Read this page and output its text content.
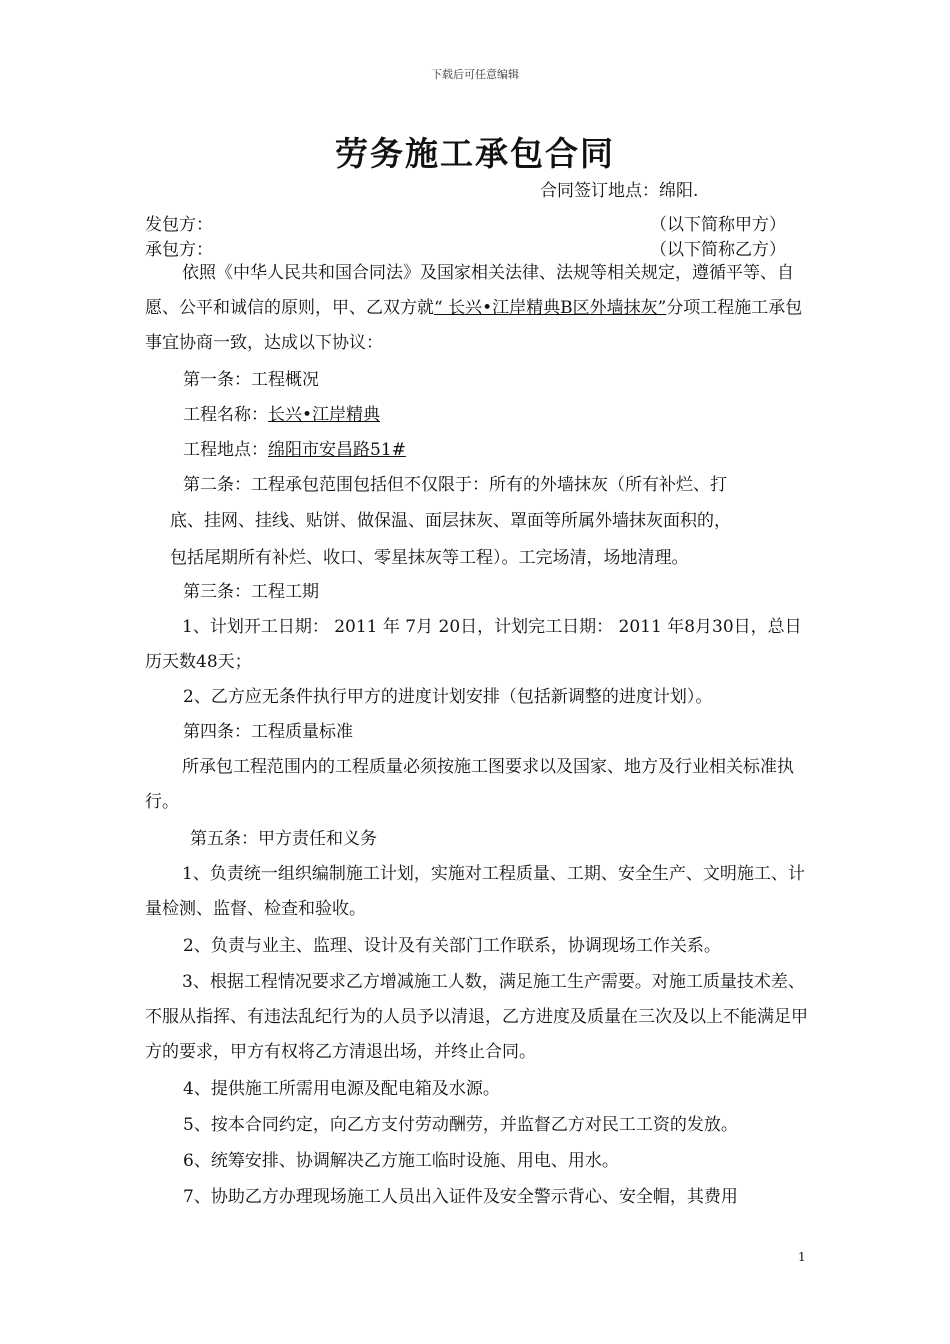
下载后可任意编辑
劳务施工承包合同
合同签订地点：绵阳.
发包方：	（以下简称甲方）
承包方：	（以下简称乙方）
依照《中华人民共和国合同法》及国家相关法律、法规等相关规定，遵循平等、自愿、公平和诚信的原则，甲、乙双方就“ 长兴•江岸精典B区外墙抹灰”分项工程施工承包事宜协商一致，达成以下协议：
第一条：工程概况
工程名称：长兴•江岸精典
工程地点：绵阳市安昌路51#
第二条：工程承包范围包括但不仅限于：所有的外墙抹灰（所有补烂、打
底、挂网、挂线、贴饼、做保温、面层抹灰、罩面等所属外墙抹灰面积的，
包括尾期所有补烂、收口、零星抹灰等工程）。工完场清，场地清理。
第三条：工程工期
1、计划开工日期： 2011 年 7月 20日，计划完工日期： 2011 年8月30日，总日历天数48天；
2、乙方应无条件执行甲方的进度计划安排（包括新调整的进度计划）。
第四条：工程质量标准
所承包工程范围内的工程质量必须按施工图要求以及国家、地方及行业相关标准执行。
第五条：甲方责任和义务
1、负责统一组织编制施工计划，实施对工程质量、工期、安全生产、文明施工、计量检测、监督、检查和验收。
2、负责与业主、监理、设计及有关部门工作联系，协调现场工作关系。
3、根据工程情况要求乙方增减施工人数，满足施工生产需要。对施工质量技术差、不服从指挥、有违法乱纪行为的人员予以清退，乙方进度及质量在三次及以上不能满足甲方的要求，甲方有权将乙方清退出场，并终止合同。
4、提供施工所需用电源及配电箱及水源。
5、按本合同约定，向乙方支付劳动酬劳，并监督乙方对民工工资的发放。
6、统筹安排、协调解决乙方施工临时设施、用电、用水。
7、协助乙方办理现场施工人员出入证件及安全警示背心、安全帽，其费用
1
